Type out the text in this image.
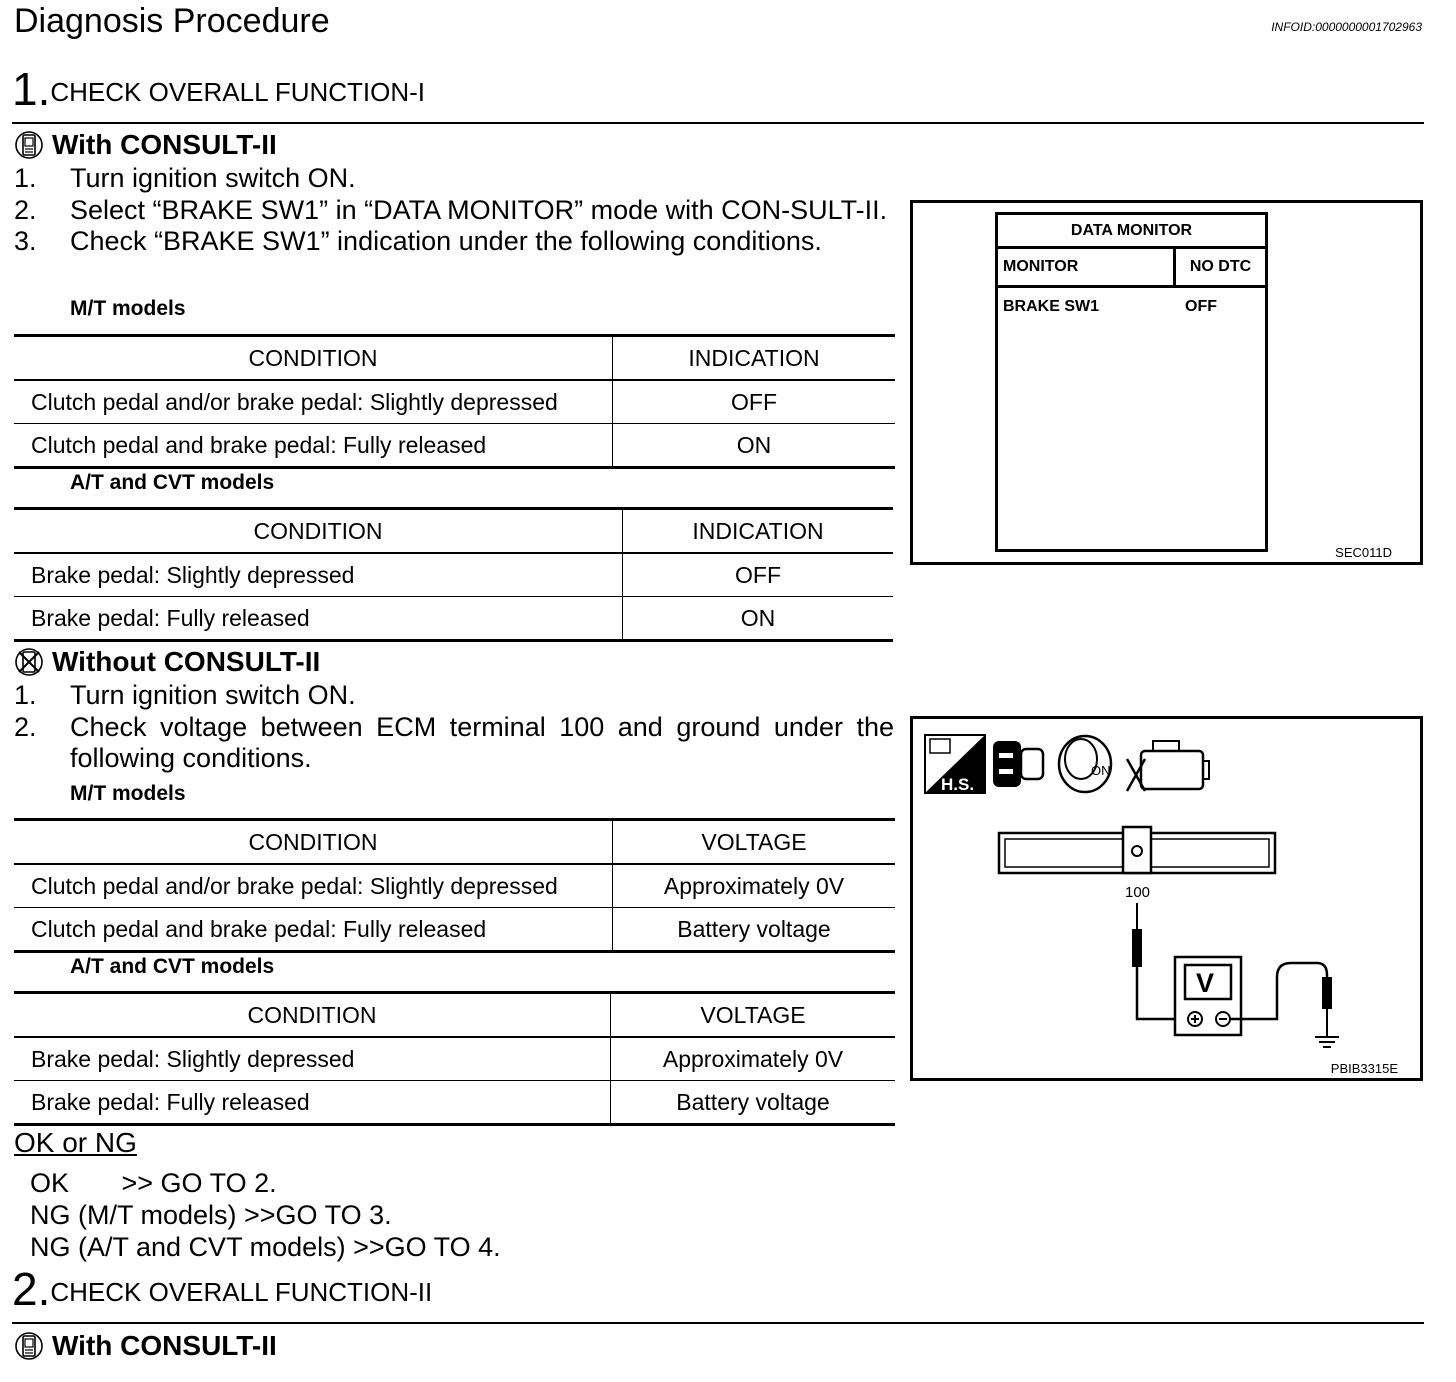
Diagnosis Procedure	INFOID:0000000001702963
1.CHECK OVERALL FUNCTION-I
With CONSULT-II
1.	Turn ignition switch ON.
2.	Select “BRAKE SW1” in “DATA MONITOR” mode with CON-SULT-II.
3.	Check “BRAKE SW1” indication under the following conditions.
M/T models
CONDITION	INDICATION
Clutch pedal and/or brake pedal: Slightly depressed	OFF
Clutch pedal and brake pedal: Fully released	ON
A/T and CVT models
CONDITION	INDICATION
Brake pedal: Slightly depressed	OFF
Brake pedal: Fully released	ON
Without CONSULT-II
1.	Turn ignition switch ON.
2.	Check voltage between ECM terminal 100 and ground under the following conditions.
M/T models
CONDITION	VOLTAGE
Clutch pedal and/or brake pedal: Slightly depressed	Approximately 0V
Clutch pedal and brake pedal: Fully released	Battery voltage
A/T and CVT models
CONDITION	VOLTAGE
Brake pedal: Slightly depressed	Approximately 0V
Brake pedal: Fully released	Battery voltage
OK or NG
OK       >> GO TO 2.
NG (M/T models) >>GO TO 3.
NG (A/T and CVT models) >>GO TO 4.
2.CHECK OVERALL FUNCTION-II
With CONSULT-II
DATA MONITOR
MONITOR	NO DTC
BRAKE SW1	OFF
SEC011D
H.S.
ON
100
V
PBIB3315E
